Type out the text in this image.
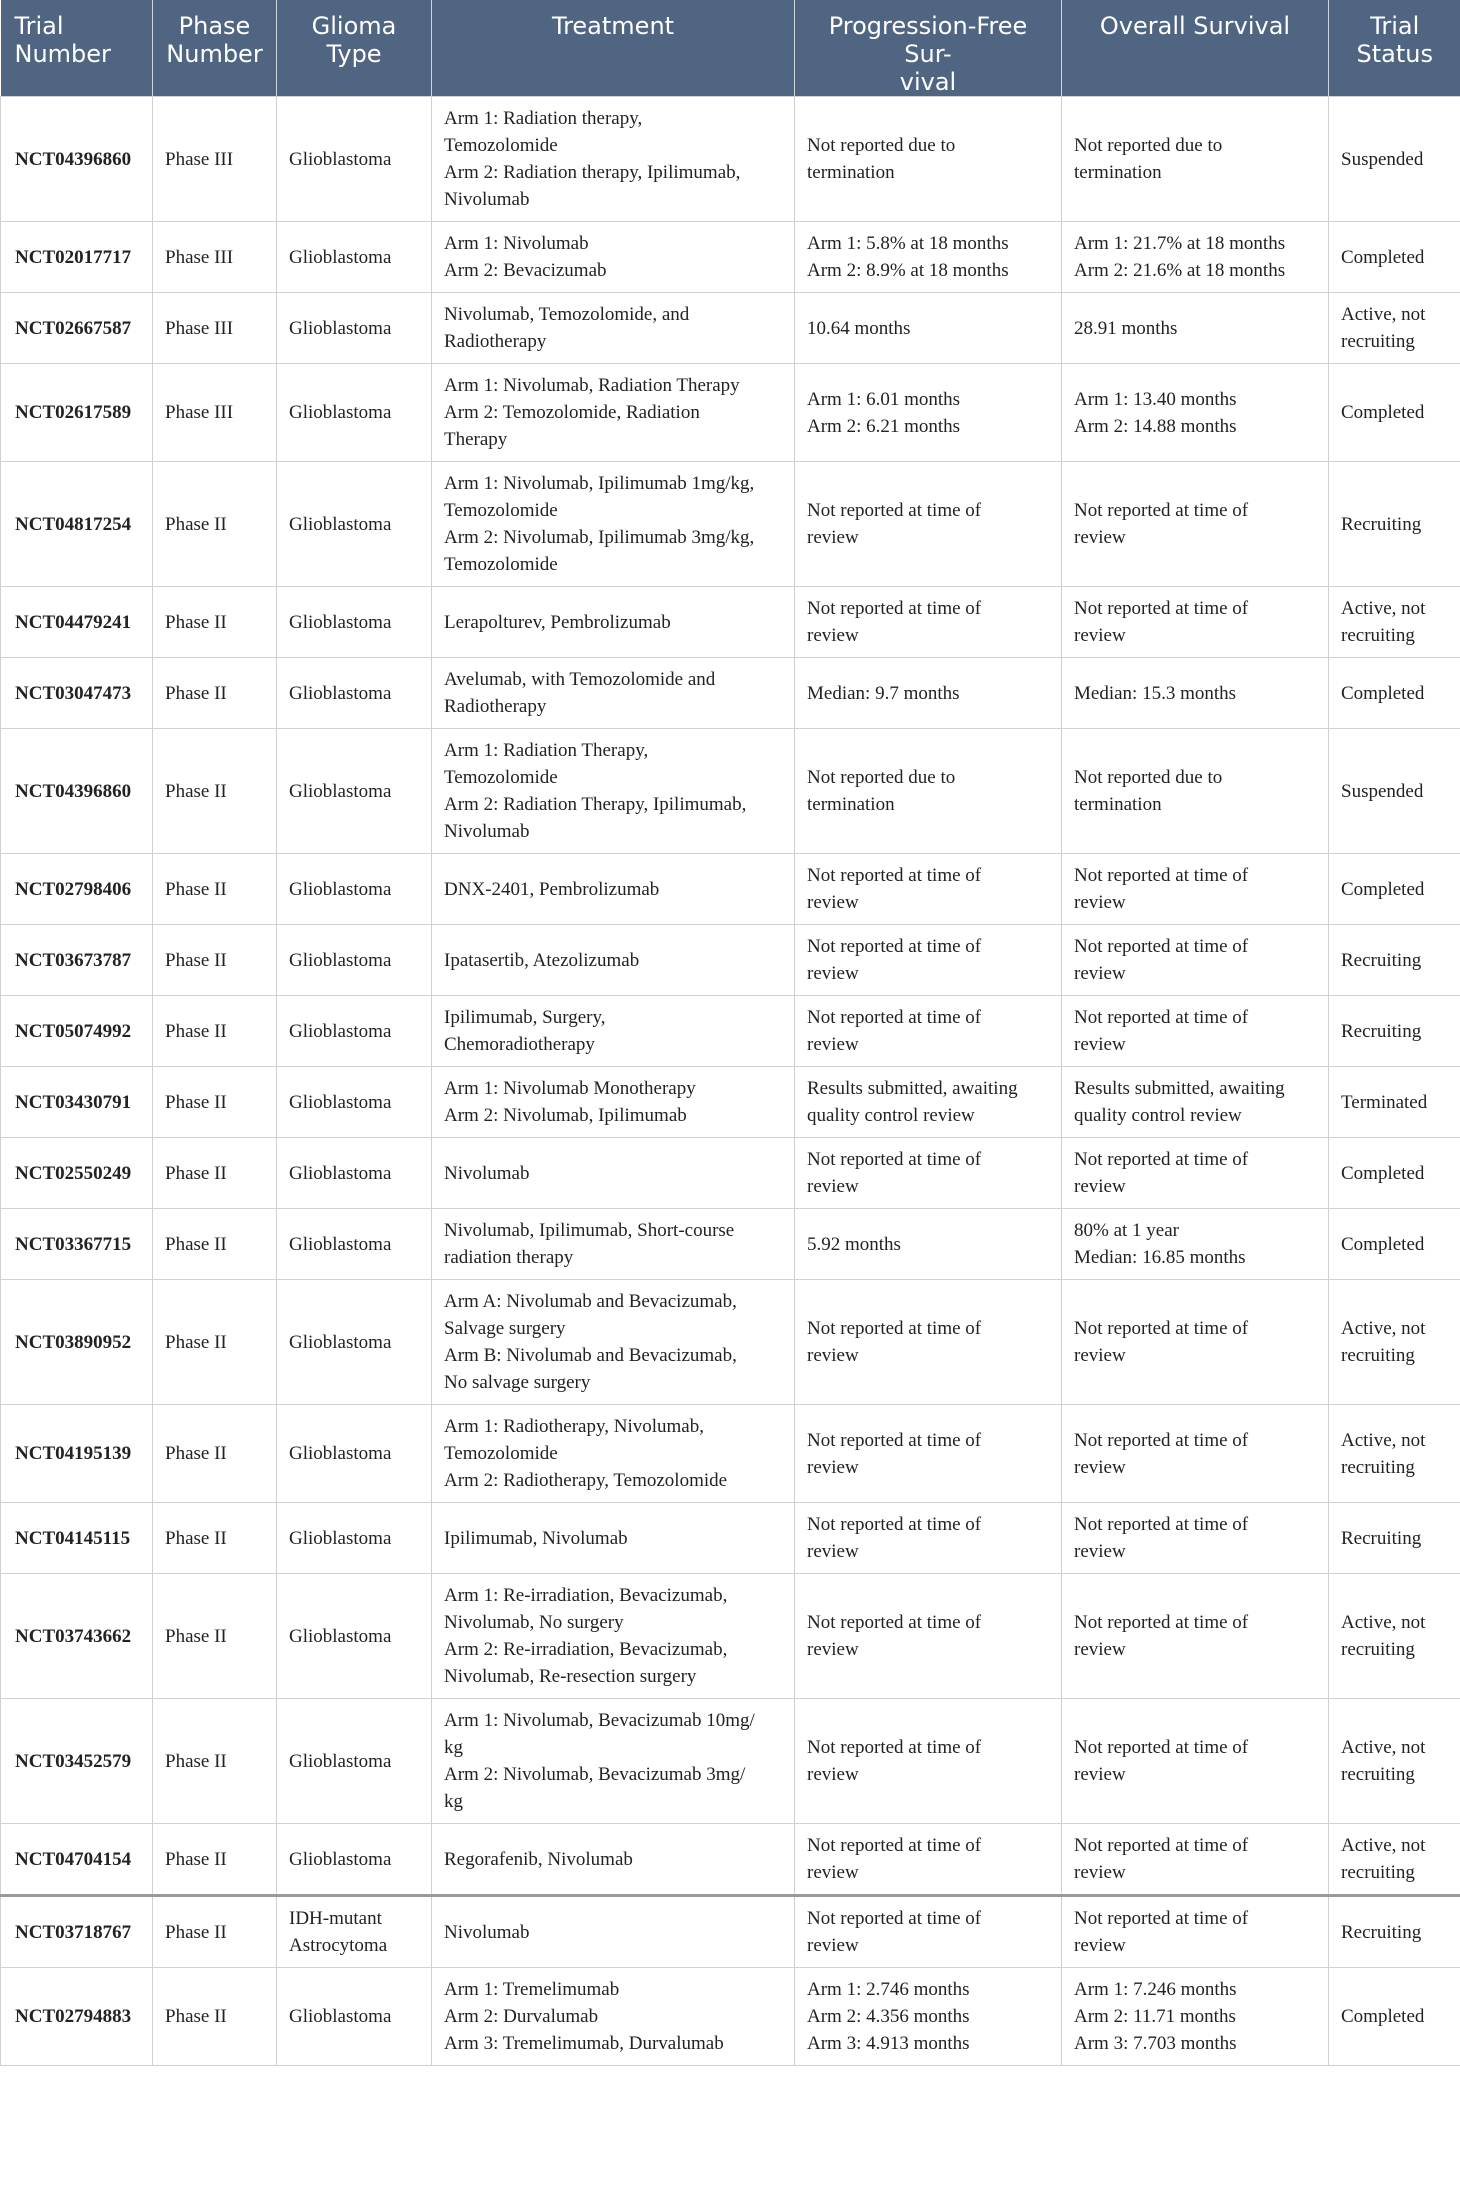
Trial
Number	Phase
Number	Glioma
Type	Treatment	Progression-Free Sur-
vival	Overall Survival	Trial
Status
NCT04396860	Phase III	Glioblastoma	Arm 1: Radiation therapy,
Temozolomide
Arm 2: Radiation therapy, Ipilimumab,
Nivolumab	Not reported due to
termination	Not reported due to
termination	Suspended
NCT02017717	Phase III	Glioblastoma	Arm 1: Nivolumab
Arm 2: Bevacizumab	Arm 1: 5.8% at 18 months
Arm 2: 8.9% at 18 months	Arm 1: 21.7% at 18 months
Arm 2: 21.6% at 18 months	Completed
NCT02667587	Phase III	Glioblastoma	Nivolumab, Temozolomide, and
Radiotherapy	10.64 months	28.91 months	Active, not
recruiting
NCT02617589	Phase III	Glioblastoma	Arm 1: Nivolumab, Radiation Therapy
Arm 2: Temozolomide, Radiation
Therapy	Arm 1: 6.01 months
Arm 2: 6.21 months	Arm 1: 13.40 months
Arm 2: 14.88 months	Completed
NCT04817254	Phase II	Glioblastoma	Arm 1: Nivolumab, Ipilimumab 1mg/kg,
Temozolomide
Arm 2: Nivolumab, Ipilimumab 3mg/kg,
Temozolomide	Not reported at time of
review	Not reported at time of
review	Recruiting
NCT04479241	Phase II	Glioblastoma	Lerapolturev, Pembrolizumab	Not reported at time of
review	Not reported at time of
review	Active, not
recruiting
NCT03047473	Phase II	Glioblastoma	Avelumab, with Temozolomide and
Radiotherapy	Median: 9.7 months	Median: 15.3 months	Completed
NCT04396860	Phase II	Glioblastoma	Arm 1: Radiation Therapy,
Temozolomide
Arm 2: Radiation Therapy, Ipilimumab,
Nivolumab	Not reported due to
termination	Not reported due to
termination	Suspended
NCT02798406	Phase II	Glioblastoma	DNX-2401, Pembrolizumab	Not reported at time of
review	Not reported at time of
review	Completed
NCT03673787	Phase II	Glioblastoma	Ipatasertib, Atezolizumab	Not reported at time of
review	Not reported at time of
review	Recruiting
NCT05074992	Phase II	Glioblastoma	Ipilimumab, Surgery,
Chemoradiotherapy	Not reported at time of
review	Not reported at time of
review	Recruiting
NCT03430791	Phase II	Glioblastoma	Arm 1: Nivolumab Monotherapy
Arm 2: Nivolumab, Ipilimumab	Results submitted, awaiting
quality control review	Results submitted, awaiting
quality control review	Terminated
NCT02550249	Phase II	Glioblastoma	Nivolumab	Not reported at time of
review	Not reported at time of
review	Completed
NCT03367715	Phase II	Glioblastoma	Nivolumab, Ipilimumab, Short-course
radiation therapy	5.92 months	80% at 1 year
Median: 16.85 months	Completed
NCT03890952	Phase II	Glioblastoma	Arm A: Nivolumab and Bevacizumab,
Salvage surgery
Arm B: Nivolumab and Bevacizumab,
No salvage surgery	Not reported at time of
review	Not reported at time of
review	Active, not
recruiting
NCT04195139	Phase II	Glioblastoma	Arm 1: Radiotherapy, Nivolumab,
Temozolomide
Arm 2: Radiotherapy, Temozolomide	Not reported at time of
review	Not reported at time of
review	Active, not
recruiting
NCT04145115	Phase II	Glioblastoma	Ipilimumab, Nivolumab	Not reported at time of
review	Not reported at time of
review	Recruiting
NCT03743662	Phase II	Glioblastoma	Arm 1: Re-irradiation, Bevacizumab,
Nivolumab, No surgery
Arm 2: Re-irradiation, Bevacizumab,
Nivolumab, Re-resection surgery	Not reported at time of
review	Not reported at time of
review	Active, not
recruiting
NCT03452579	Phase II	Glioblastoma	Arm 1: Nivolumab, Bevacizumab 10mg/
kg
Arm 2: Nivolumab, Bevacizumab 3mg/
kg	Not reported at time of
review	Not reported at time of
review	Active, not
recruiting
NCT04704154	Phase II	Glioblastoma	Regorafenib, Nivolumab	Not reported at time of
review	Not reported at time of
review	Active, not
recruiting
NCT03718767	Phase II	IDH-mutant
Astrocytoma	Nivolumab	Not reported at time of
review	Not reported at time of
review	Recruiting
NCT02794883	Phase II	Glioblastoma	Arm 1: Tremelimumab
Arm 2: Durvalumab
Arm 3: Tremelimumab, Durvalumab	Arm 1: 2.746 months
Arm 2: 4.356 months
Arm 3: 4.913 months	Arm 1: 7.246 months
Arm 2: 11.71 months
Arm 3: 7.703 months	Completed
